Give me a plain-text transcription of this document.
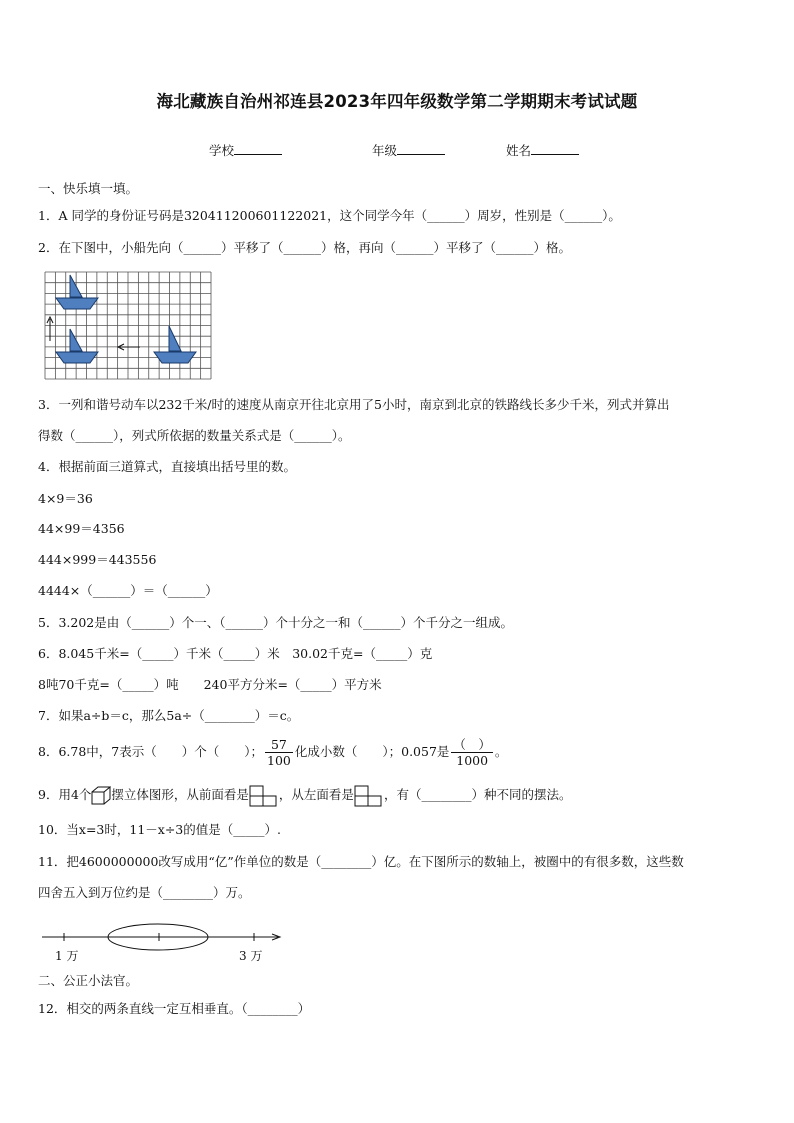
海北藏族自治州祁连县2023年四年级数学第二学期期末考试试题
学校	年级	姓名
一、快乐填一填。
1．A 同学的身份证号码是320411200601122021，这个同学今年（______）周岁，性别是（______）。
2．在下图中，小船先向（______）平移了（______）格，再向（______）平移了（______）格。
3．一列和谐号动车以232千米/时的速度从南京开往北京用了5小时，南京到北京的铁路线长多少千米，列式并算出
得数（______），列式所依据的数量关系式是（______）。
4．根据前面三道算式，直接填出括号里的数。
4×9＝36
44×99＝4356
444×999＝443556
4444×（______）＝（______）
5．3.202是由（______）个一、（______）个十分之一和（______）个千分之一组成。
6．8.045千米=（_____）千米（_____）米　30.02千克=（_____）克
8吨70千克=（_____）吨　　240平方分米=（_____）平方米
7．如果a÷b＝c，那么5a÷（________）＝c。
8．6.78中，7表示（　　）个（　　）； $\frac{57}{100}$ 化成小数（　　）；0.057是 $\frac{( )}{1000}$ 。
9．用4个 摆立体图形，从前面看是 ，从左面看是 ，有（________）种不同的摆法。
10．当x=3时，11－x÷3的值是（_____）.
11．把4600000000改写成用“亿”作单位的数是（________）亿。在下图所示的数轴上，被圈中的有很多数，这些数
四舍五入到万位约是（________）万。
1 万	3 万
二、公正小法官。
12．相交的两条直线一定互相垂直。（________）
